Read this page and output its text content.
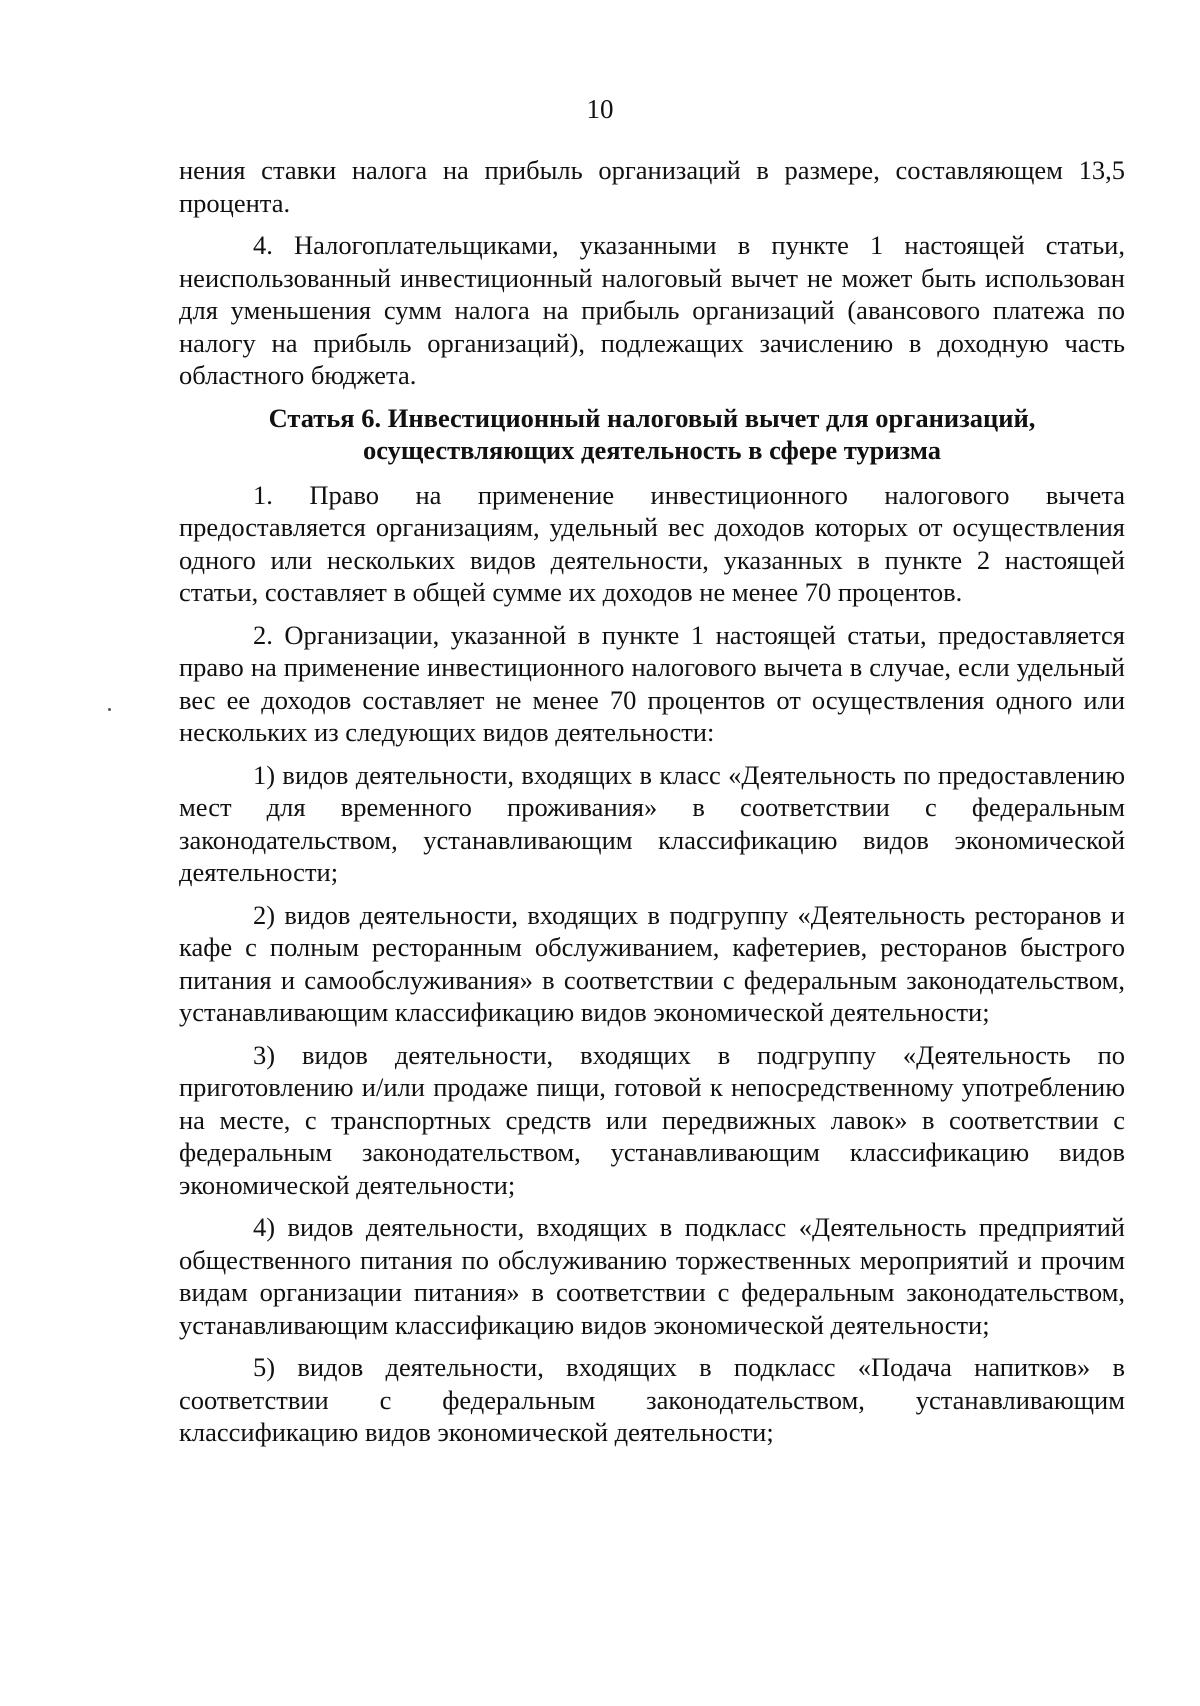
10

нения ставки налога на прибыль организаций в размере, составляющем 13,5 процента.

4. Налогоплательщиками, указанными в пункте 1 настоящей статьи, неиспользованный инвестиционный налоговый вычет не может быть использован для уменьшения сумм налога на прибыль организаций (авансового платежа по налогу на прибыль организаций), подлежащих зачислению в доходную часть областного бюджета.

Статья 6. Инвестиционный налоговый вычет для организаций,
осуществляющих деятельность в сфере туризма

1. Право на применение инвестиционного налогового вычета предоставляется организациям, удельный вес доходов которых от осуществления одного или нескольких видов деятельности, указанных в пункте 2 настоящей статьи, составляет в общей сумме их доходов не менее 70 процентов.

2. Организации, указанной в пункте 1 настоящей статьи, предоставляется право на применение инвестиционного налогового вычета в случае, если удельный вес ее доходов составляет не менее 70 процентов от осуществления одного или нескольких из следующих видов деятельности:

1) видов деятельности, входящих в класс «Деятельность по предоставлению мест для временного проживания» в соответствии с федеральным законодательством, устанавливающим классификацию видов экономической деятельности;

2) видов деятельности, входящих в подгруппу «Деятельность ресторанов и кафе с полным ресторанным обслуживанием, кафетериев, ресторанов быстрого питания и самообслуживания» в соответствии с федеральным законодательством, устанавливающим классификацию видов экономической деятельности;

3) видов деятельности, входящих в подгруппу «Деятельность по приготовлению и/или продаже пищи, готовой к непосредственному употреблению на месте, с транспортных средств или передвижных лавок» в соответствии с федеральным законодательством, устанавливающим классификацию видов экономической деятельности;

4) видов деятельности, входящих в подкласс «Деятельность предприятий общественного питания по обслуживанию торжественных мероприятий и прочим видам организации питания» в соответствии с федеральным законодательством, устанавливающим классификацию видов экономической деятельности;

5) видов деятельности, входящих в подкласс «Подача напитков» в соответствии с федеральным законодательством, устанавливающим классификацию видов экономической деятельности;
